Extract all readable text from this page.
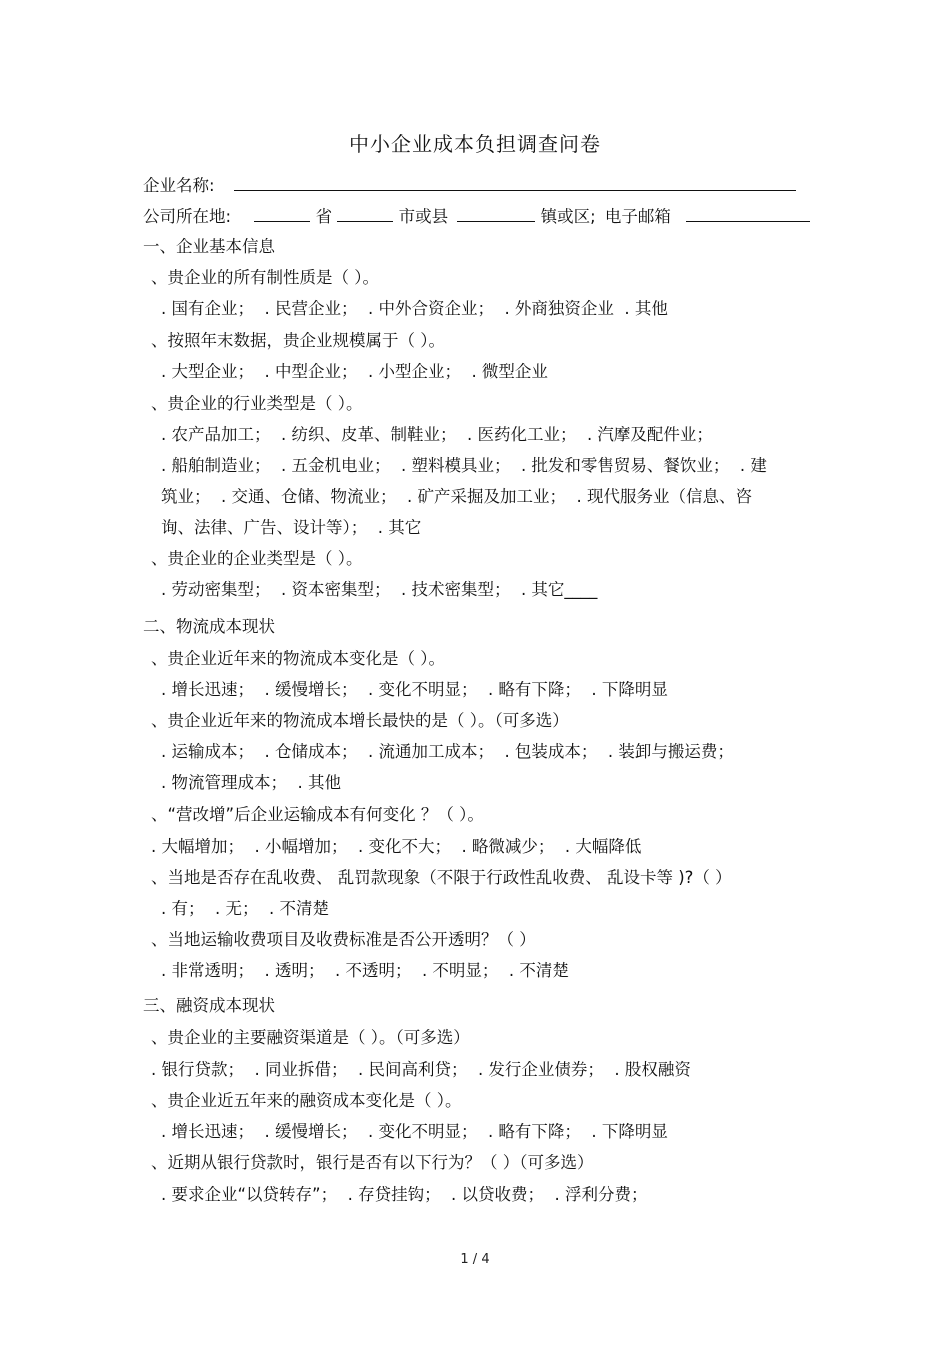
中小企业成本负担调查问卷
企业名称:
公司所在地:	省	市或县	镇或区; 电子邮箱
一、企业基本信息
、贵企业的所有制性质是（ ）。
. 国有企业；  . 民营企业；  . 中外合资企业；  . 外商独资企业  . 其他
、按照年末数据，贵企业规模属于（ ）。
. 大型企业；  . 中型企业；  . 小型企业；  . 微型企业
、贵企业的行业类型是（ ）。
. 农产品加工；  . 纺织、皮革、制鞋业；  . 医药化工业；  . 汽摩及配件业；
. 船舶制造业；  . 五金机电业；  . 塑料模具业；  . 批发和零售贸易、餐饮业；  . 建
筑业；  . 交通、仓储、物流业；  . 矿产采掘及加工业；  . 现代服务业（信息、咨
询、法律、广告、设计等）；  . 其它
、贵企业的企业类型是（ ）。
. 劳动密集型；  . 资本密集型；  . 技术密集型；  . 其它____
二、物流成本现状
、贵企业近年来的物流成本变化是（ ）。
. 增长迅速；  . 缓慢增长；  . 变化不明显；  . 略有下降；  . 下降明显
、贵企业近年来的物流成本增长最快的是（ ）。（可多选）
. 运输成本；  . 仓储成本；  . 流通加工成本；  . 包装成本；  . 装卸与搬运费；
. 物流管理成本；  . 其他
、“营改增”后企业运输成本有何变化 ？（ ）。
. 大幅增加；  . 小幅增加；  . 变化不大；  . 略微减少；  . 大幅降低
、当地是否存在乱收费、 乱罚款现象（不限于行政性乱收费、 乱设卡等 )?（ ）
. 有；  . 无；  . 不清楚
、当地运输收费项目及收费标准是否公开透明？（ ）
. 非常透明；  . 透明；  . 不透明；  . 不明显；  . 不清楚
三、融资成本现状
、贵企业的主要融资渠道是（ ）。（可多选）
. 银行贷款；  . 同业拆借；  . 民间高利贷；  . 发行企业债券；  . 股权融资
、贵企业近五年来的融资成本变化是（ ）。
. 增长迅速；  . 缓慢增长；  . 变化不明显；  . 略有下降；  . 下降明显
、近期从银行贷款时，银行是否有以下行为？（ ）（可多选）
. 要求企业“以贷转存”；  . 存贷挂钩；  . 以贷收费；  . 浮利分费；
1 / 4
